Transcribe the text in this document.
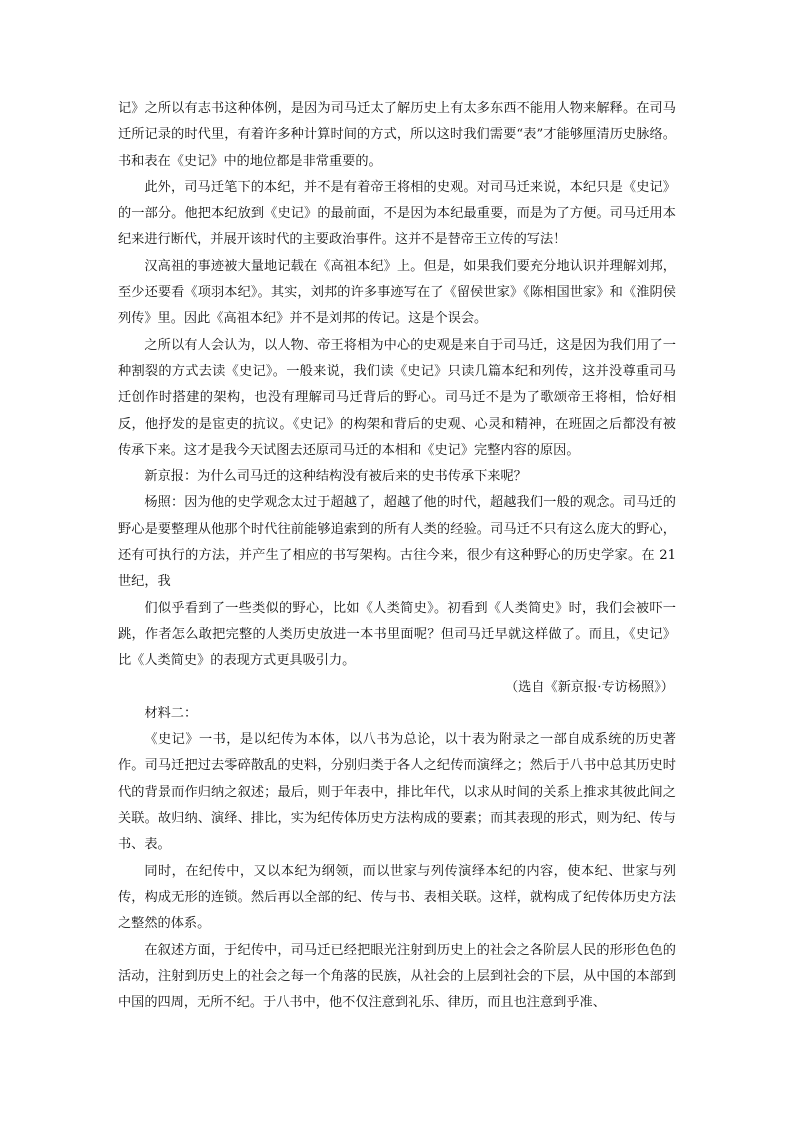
记》之所以有志书这种体例，是因为司马迁太了解历史上有太多东西不能用人物来解释。在司马迁所记录的时代里，有着许多种计算时间的方式，所以这时我们需要“表”才能够厘清历史脉络。书和表在《史记》中的地位都是非常重要的。

此外，司马迁笔下的本纪，并不是有着帝王将相的史观。对司马迁来说，本纪只是《史记》的一部分。他把本纪放到《史记》的最前面，不是因为本纪最重要，而是为了方便。司马迁用本纪来进行断代，并展开该时代的主要政治事件。这并不是替帝王立传的写法！

汉高祖的事迹被大量地记载在《高祖本纪》上。但是，如果我们要充分地认识并理解刘邦，至少还要看《项羽本纪》。其实，刘邦的许多事迹写在了《留侯世家》《陈相国世家》和《淮阴侯列传》里。因此《高祖本纪》并不是刘邦的传记。这是个误会。

之所以有人会认为，以人物、帝王将相为中心的史观是来自于司马迁，这是因为我们用了一种割裂的方式去读《史记》。一般来说，我们读《史记》只读几篇本纪和列传，这并没尊重司马迁创作时搭建的架构，也没有理解司马迁背后的野心。司马迁不是为了歌颂帝王将相，恰好相反，他抒发的是宦吏的抗议。《史记》的构架和背后的史观、心灵和精神，在班固之后都没有被传承下来。这才是我今天试图去还原司马迁的本相和《史记》完整内容的原因。

新京报：为什么司马迁的这种结构没有被后来的史书传承下来呢？

杨照：因为他的史学观念太过于超越了，超越了他的时代，超越我们一般的观念。司马迁的野心是要整理从他那个时代往前能够追索到的所有人类的经验。司马迁不只有这么庞大的野心，还有可执行的方法，并产生了相应的书写架构。古往今来，很少有这种野心的历史学家。在 21 世纪，我

们似乎看到了一些类似的野心，比如《人类简史》。初看到《人类简史》时，我们会被吓一跳，作者怎么敢把完整的人类历史放进一本书里面呢？但司马迁早就这样做了。而且，《史记》比《人类简史》的表现方式更具吸引力。

（选自《新京报·专访杨照》）

材料二：

《史记》一书，是以纪传为本体，以八书为总论，以十表为附录之一部自成系统的历史著作。司马迁把过去零碎散乱的史料，分别归类于各人之纪传而演绎之；然后于八书中总其历史时代的背景而作归纳之叙述；最后，则于年表中，排比年代，以求从时间的关系上推求其彼此间之关联。故归纳、演绎、排比，实为纪传体历史方法构成的要素；而其表现的形式，则为纪、传与书、表。

同时，在纪传中，又以本纪为纲领，而以世家与列传演绎本纪的内容，使本纪、世家与列传，构成无形的连锁。然后再以全部的纪、传与书、表相关联。这样，就构成了纪传体历史方法之整然的体系。

在叙述方面，于纪传中，司马迁已经把眼光注射到历史上的社会之各阶层人民的形形色色的活动，注射到历史上的社会之每一个角落的民族，从社会的上层到社会的下层，从中国的本部到中国的四周，无所不纪。于八书中，他不仅注意到礼乐、律历，而且也注意到乎准、
